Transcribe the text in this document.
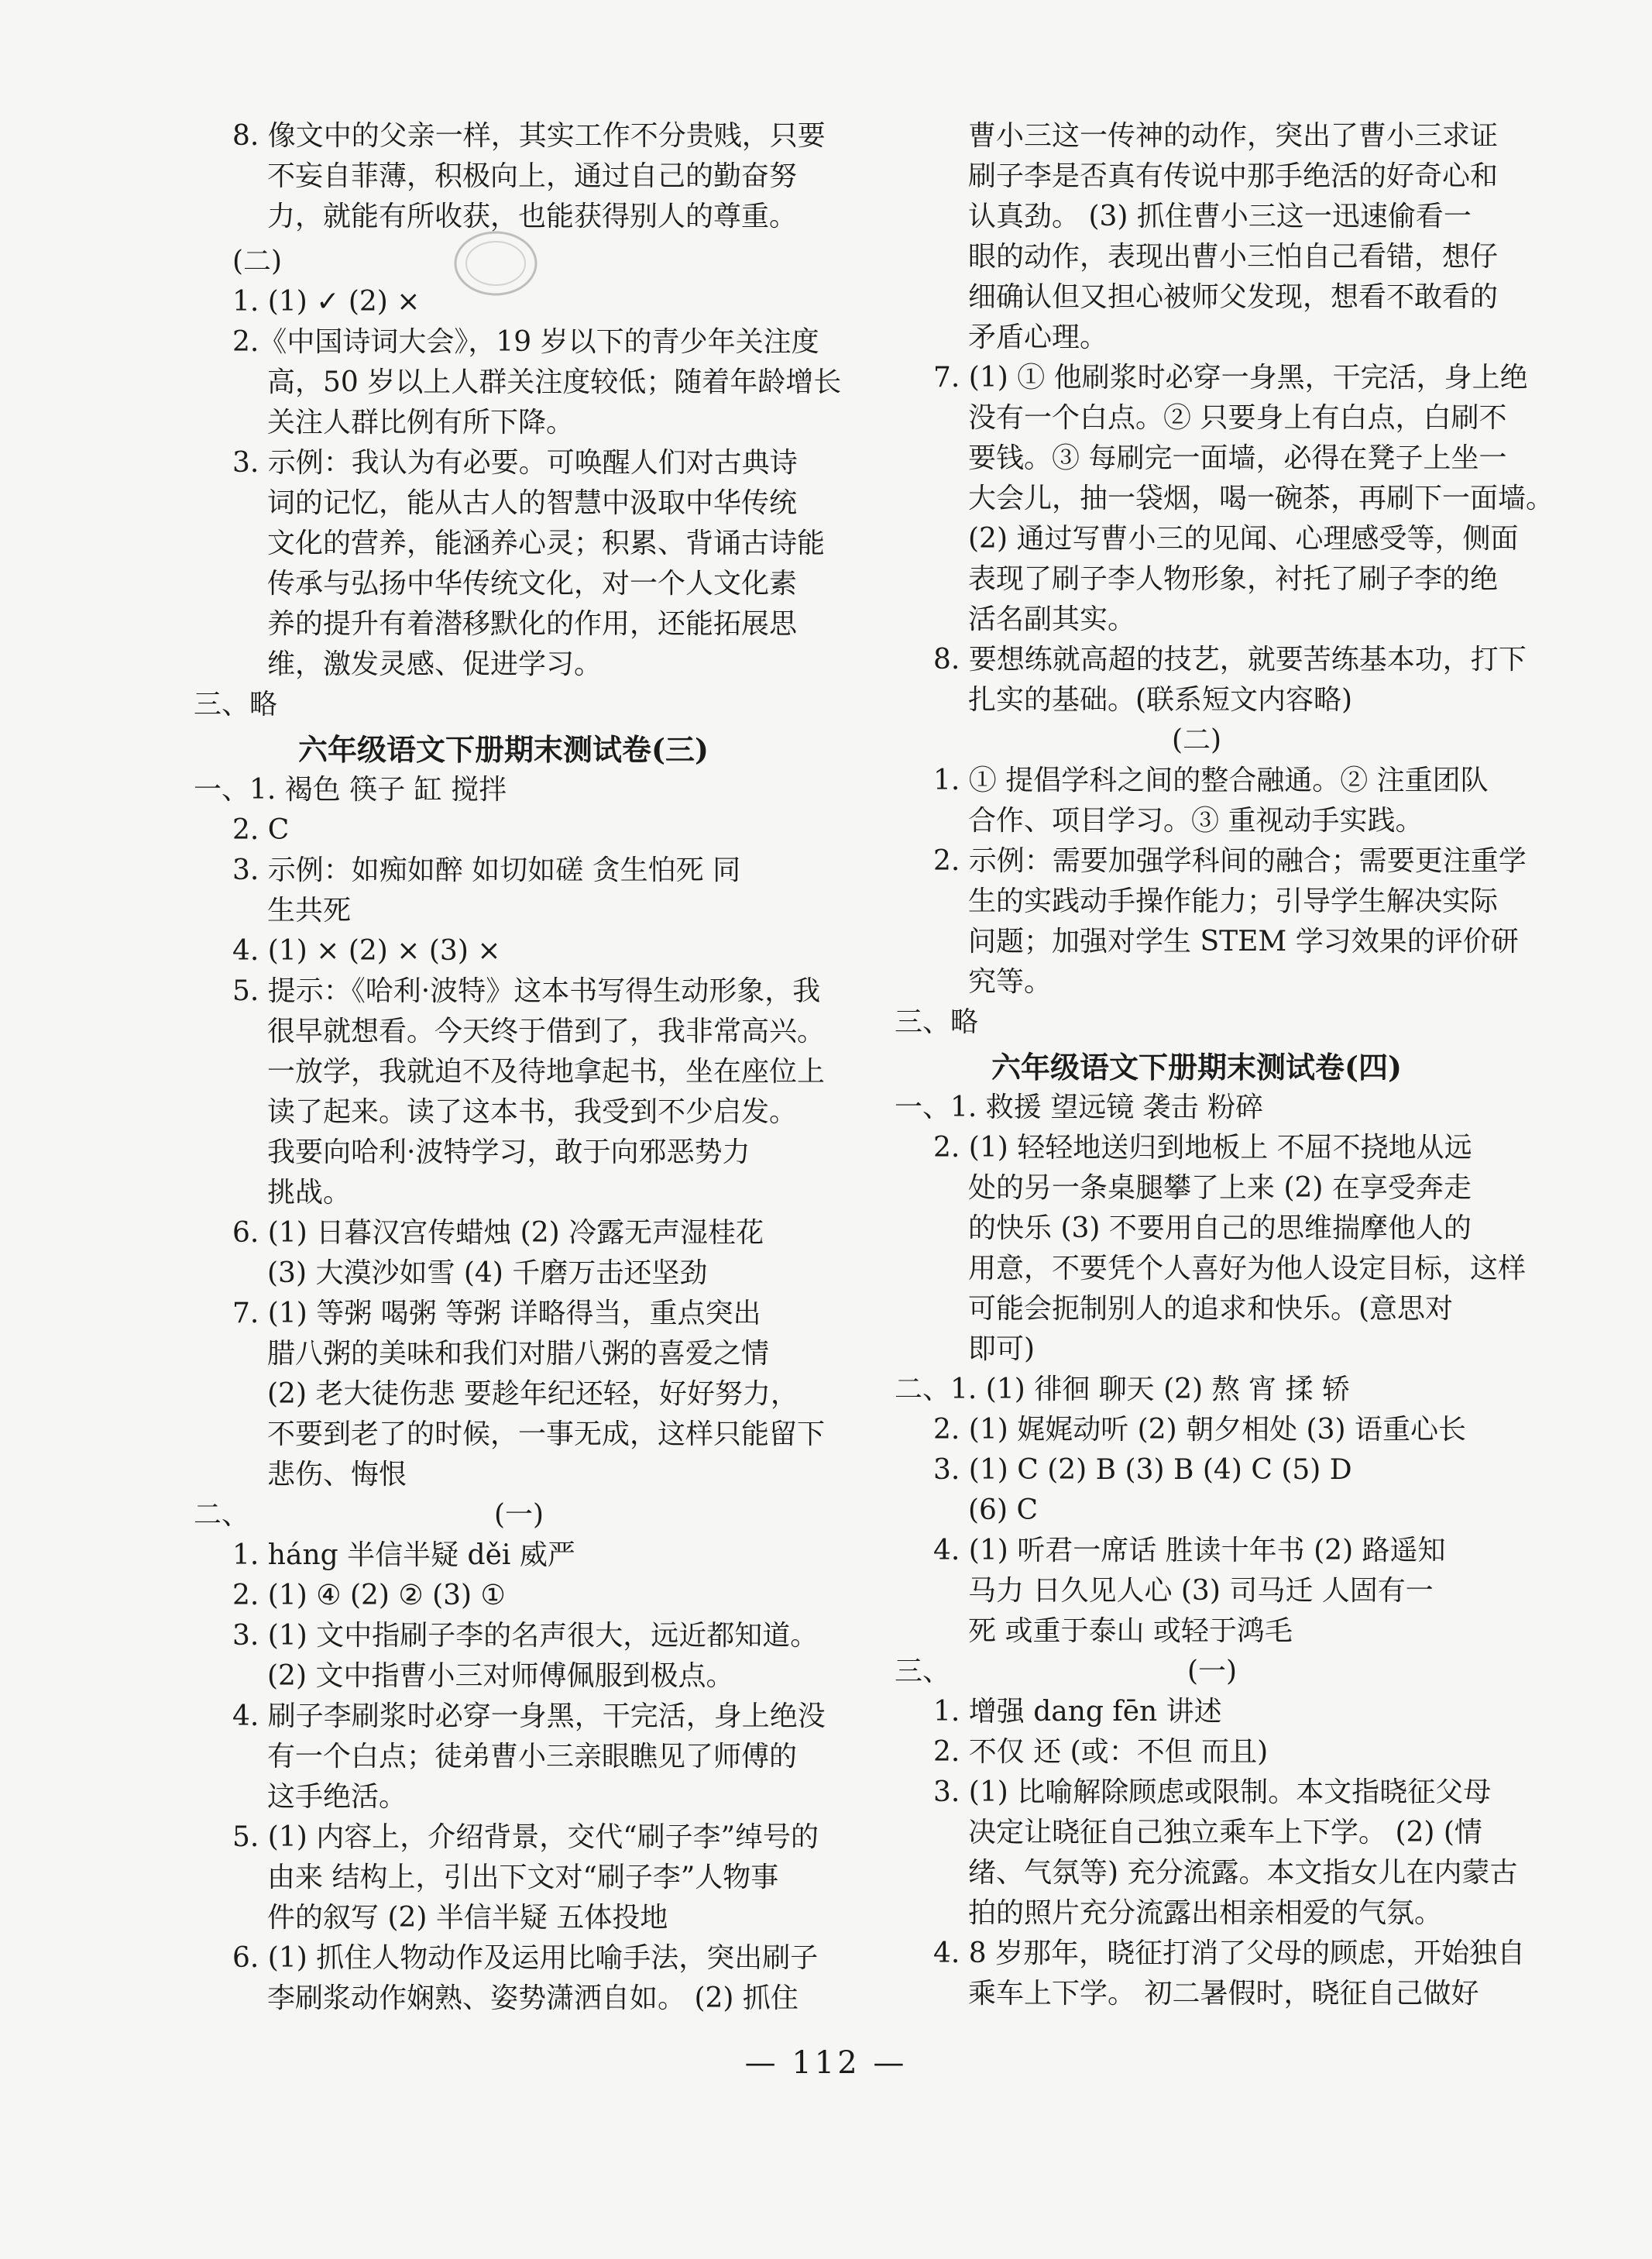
8. 像文中的父亲一样，其实工作不分贵贱，只要
不妄自菲薄，积极向上，通过自己的勤奋努
力，就能有所收获，也能获得别人的尊重。
(二)
1. (1) ✓ (2) ×
2.《中国诗词大会》，19 岁以下的青少年关注度
高，50 岁以上人群关注度较低；随着年龄增长
关注人群比例有所下降。
3. 示例：我认为有必要。可唤醒人们对古典诗
词的记忆，能从古人的智慧中汲取中华传统
文化的营养，能涵养心灵；积累、背诵古诗能
传承与弘扬中华传统文化，对一个人文化素
养的提升有着潜移默化的作用，还能拓展思
维，激发灵感、促进学习。
三、略
六年级语文下册期末测试卷(三)
一、1. 褐色 筷子 缸 搅拌
2. C
3. 示例：如痴如醉 如切如磋 贪生怕死 同
生共死
4. (1) × (2) × (3) ×
5. 提示：《哈利·波特》这本书写得生动形象，我
很早就想看。今天终于借到了，我非常高兴。
一放学，我就迫不及待地拿起书，坐在座位上
读了起来。读了这本书，我受到不少启发。
我要向哈利·波特学习，敢于向邪恶势力
挑战。
6. (1) 日暮汉宫传蜡烛 (2) 冷露无声湿桂花
(3) 大漠沙如雪 (4) 千磨万击还坚劲
7. (1) 等粥 喝粥 等粥 详略得当，重点突出
腊八粥的美味和我们对腊八粥的喜爱之情
(2) 老大徒伤悲 要趁年纪还轻，好好努力，
不要到老了的时候，一事无成，这样只能留下
悲伤、悔恨
二、	(一)
1. háng 半信半疑 děi 威严
2. (1) ④ (2) ② (3) ①
3. (1) 文中指刷子李的名声很大，远近都知道。
(2) 文中指曹小三对师傅佩服到极点。
4. 刷子李刷浆时必穿一身黑，干完活，身上绝没
有一个白点；徒弟曹小三亲眼瞧见了师傅的
这手绝活。
5. (1) 内容上，介绍背景，交代“刷子李”绰号的
由来 结构上，引出下文对“刷子李”人物事
件的叙写 (2) 半信半疑 五体投地
6. (1) 抓住人物动作及运用比喻手法，突出刷子
李刷浆动作娴熟、姿势潇洒自如。 (2) 抓住
曹小三这一传神的动作，突出了曹小三求证
刷子李是否真有传说中那手绝活的好奇心和
认真劲。 (3) 抓住曹小三这一迅速偷看一
眼的动作，表现出曹小三怕自己看错，想仔
细确认但又担心被师父发现，想看不敢看的
矛盾心理。
7. (1) ① 他刷浆时必穿一身黑，干完活，身上绝
没有一个白点。② 只要身上有白点，白刷不
要钱。③ 每刷完一面墙，必得在凳子上坐一
大会儿，抽一袋烟，喝一碗茶，再刷下一面墙。
(2) 通过写曹小三的见闻、心理感受等，侧面
表现了刷子李人物形象，衬托了刷子李的绝
活名副其实。
8. 要想练就高超的技艺，就要苦练基本功，打下
扎实的基础。(联系短文内容略)
(二)
1. ① 提倡学科之间的整合融通。② 注重团队
合作、项目学习。③ 重视动手实践。
2. 示例：需要加强学科间的融合；需要更注重学
生的实践动手操作能力；引导学生解决实际
问题；加强对学生 STEM 学习效果的评价研
究等。
三、略
六年级语文下册期末测试卷(四)
一、1. 救援 望远镜 袭击 粉碎
2. (1) 轻轻地送归到地板上 不屈不挠地从远
处的另一条桌腿攀了上来 (2) 在享受奔走
的快乐 (3) 不要用自己的思维揣摩他人的
用意，不要凭个人喜好为他人设定目标，这样
可能会扼制别人的追求和快乐。(意思对
即可)
二、1. (1) 徘徊 聊天 (2) 熬 宵 揉 轿
2. (1) 娓娓动听 (2) 朝夕相处 (3) 语重心长
3. (1) C (2) B (3) B (4) C (5) D
(6) C
4. (1) 听君一席话 胜读十年书 (2) 路遥知
马力 日久见人心 (3) 司马迁 人固有一
死 或重于泰山 或轻于鸿毛
三、	(一)
1. 增强 dang fēn 讲述
2. 不仅 还 (或：不但 而且)
3. (1) 比喻解除顾虑或限制。本文指晓征父母
决定让晓征自己独立乘车上下学。 (2) (情
绪、气氛等) 充分流露。本文指女儿在内蒙古
拍的照片充分流露出相亲相爱的气氛。
4. 8 岁那年，晓征打消了父母的顾虑，开始独自
乘车上下学。 初二暑假时，晓征自己做好
— 112 —
